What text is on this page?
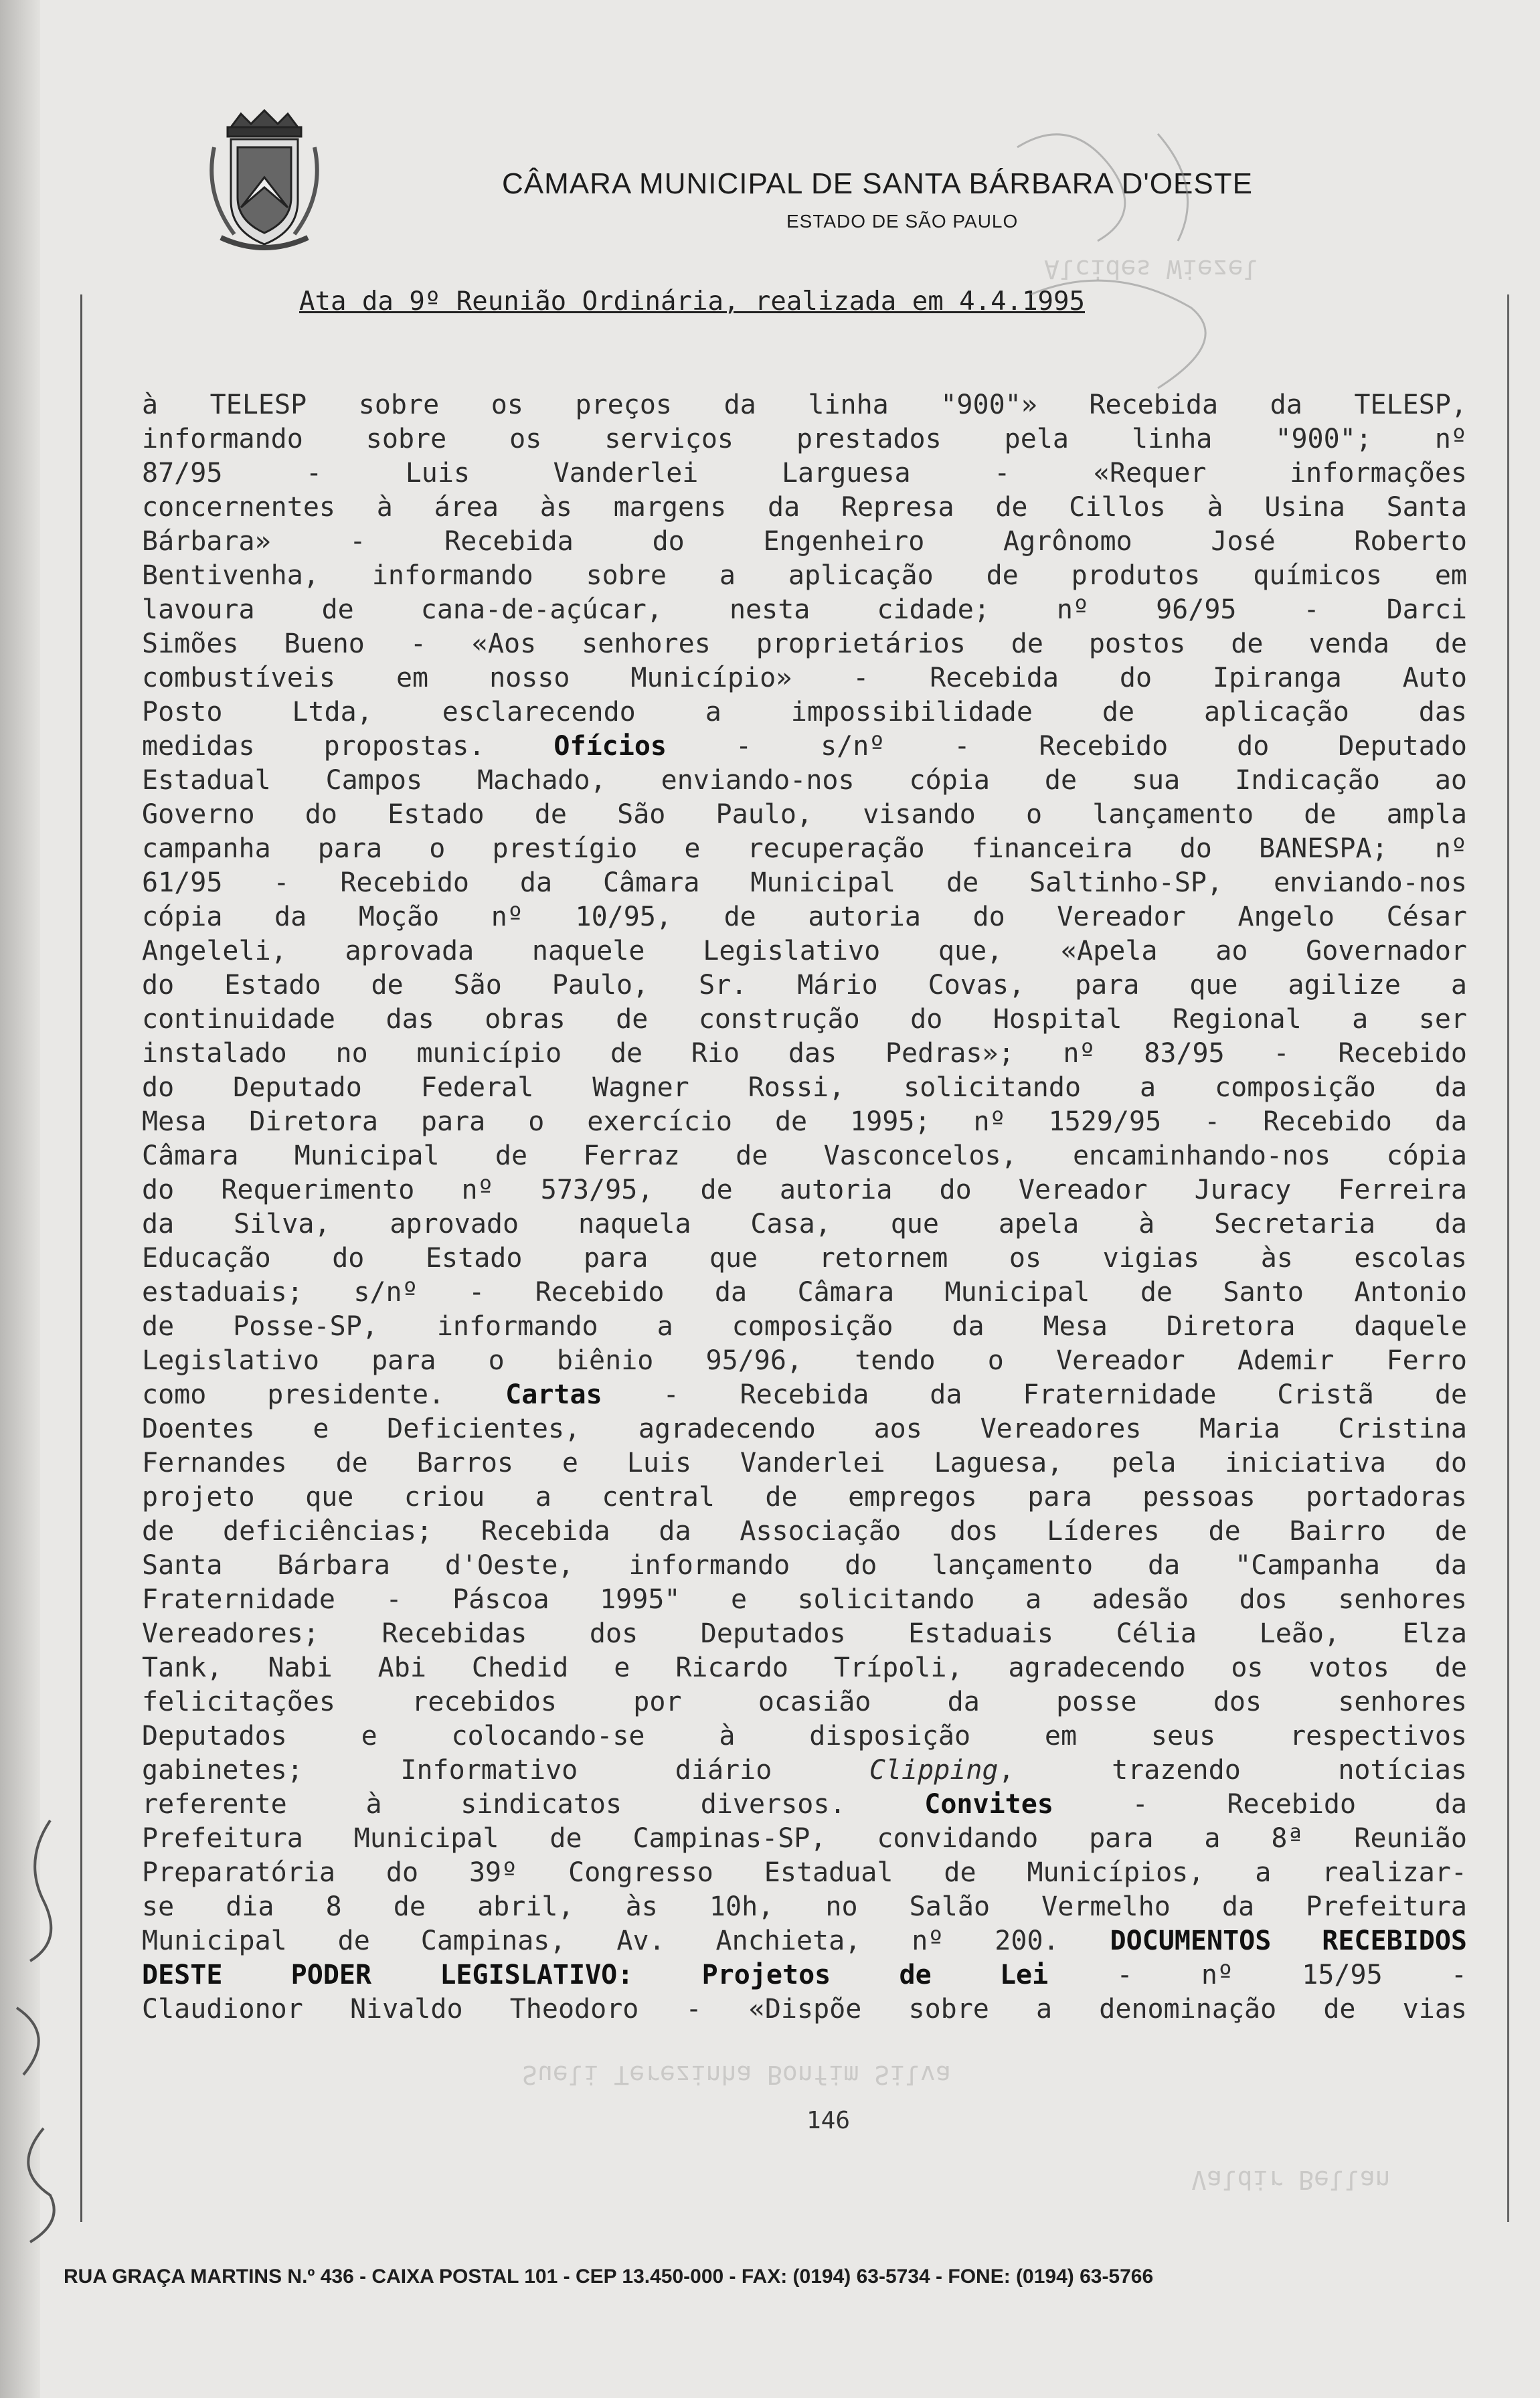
Alcides Wiezel
Valdir Bellan
Sueli Terezinha Bonfim Silva
CÂMARA MUNICIPAL DE SANTA BÁRBARA D'OESTE
ESTADO DE SÃO PAULO
Ata da 9º Reunião Ordinária, realizada em 4.4.1995
à TELESP sobre os preços da linha "900"» Recebida da TELESP,
informando sobre os serviços prestados pela linha "900"; nº
87/95 - Luis Vanderlei Larguesa - «Requer informações
concernentes à área às margens da Represa de Cillos à Usina Santa
Bárbara» - Recebida do Engenheiro Agrônomo José Roberto
Bentivenha, informando sobre a aplicação de produtos químicos em
lavoura de cana-de-açúcar, nesta cidade; nº 96/95 - Darci
Simões Bueno - «Aos senhores proprietários de postos de venda de
combustíveis em nosso Município» - Recebida do Ipiranga Auto
Posto Ltda, esclarecendo a impossibilidade de aplicação das
medidas propostas. Ofícios - s/nº - Recebido do Deputado
Estadual Campos Machado, enviando-nos cópia de sua Indicação ao
Governo do Estado de São Paulo, visando o lançamento de ampla
campanha para o prestígio e recuperação financeira do BANESPA; nº
61/95 - Recebido da Câmara Municipal de Saltinho-SP, enviando-nos
cópia da Moção nº 10/95, de autoria do Vereador Angelo César
Angeleli, aprovada naquele Legislativo que, «Apela ao Governador
do Estado de São Paulo, Sr. Mário Covas, para que agilize a
continuidade das obras de construção do Hospital Regional a ser
instalado no município de Rio das Pedras»; nº 83/95 - Recebido
do Deputado Federal Wagner Rossi, solicitando a composição da
Mesa Diretora para o exercício de 1995; nº 1529/95 - Recebido da
Câmara Municipal de Ferraz de Vasconcelos, encaminhando-nos cópia
do Requerimento nº 573/95, de autoria do Vereador Juracy Ferreira
da Silva, aprovado naquela Casa, que apela à Secretaria da
Educação do Estado para que retornem os vigias às escolas
estaduais; s/nº - Recebido da Câmara Municipal de Santo Antonio
de Posse-SP, informando a composição da Mesa Diretora daquele
Legislativo para o biênio 95/96, tendo o Vereador Ademir Ferro
como presidente. Cartas - Recebida da Fraternidade Cristã de
Doentes e Deficientes, agradecendo aos Vereadores Maria Cristina
Fernandes de Barros e Luis Vanderlei Laguesa, pela iniciativa do
projeto que criou a central de empregos para pessoas portadoras
de deficiências; Recebida da Associação dos Líderes de Bairro de
Santa Bárbara d'Oeste, informando do lançamento da "Campanha da
Fraternidade - Páscoa 1995" e solicitando a adesão dos senhores
Vereadores; Recebidas dos Deputados Estaduais Célia Leão, Elza
Tank, Nabi Abi Chedid e Ricardo Trípoli, agradecendo os votos de
felicitações recebidos por ocasião da posse dos senhores
Deputados e colocando-se à disposição em seus respectivos
gabinetes; Informativo diário Clipping, trazendo notícias
referente à sindicatos diversos. Convites - Recebido da
Prefeitura Municipal de Campinas-SP, convidando para a 8ª Reunião
Preparatória do 39º Congresso Estadual de Municípios, a realizar-
se dia 8 de abril, às 10h, no Salão Vermelho da Prefeitura
Municipal de Campinas, Av. Anchieta, nº 200. DOCUMENTOS RECEBIDOS
DESTE PODER LEGISLATIVO: Projetos de Lei - nº 15/95 -
Claudionor Nivaldo Theodoro - «Dispõe sobre a denominação de vias
146
RUA GRAÇA MARTINS N.º 436 - CAIXA POSTAL 101 - CEP 13.450-000 - FAX: (0194) 63-5734 - FONE: (0194) 63-5766
